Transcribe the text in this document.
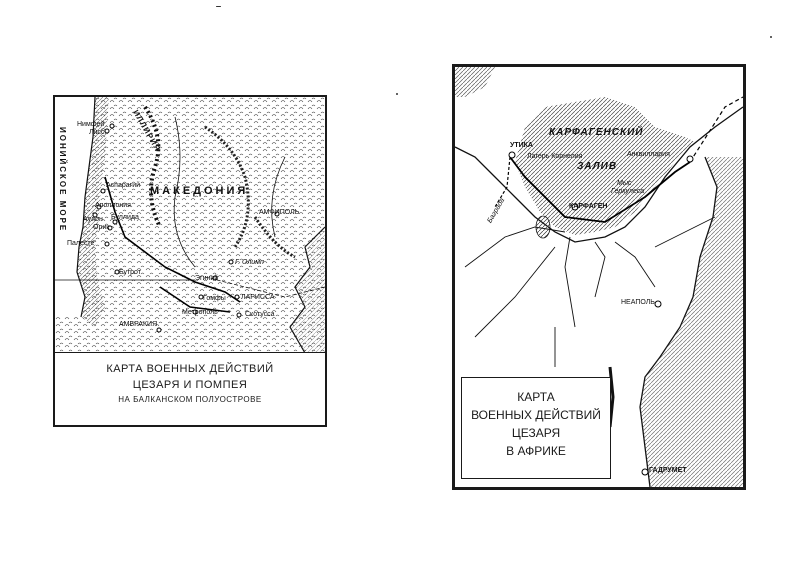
Нимфей
Лисс	ИЛЛИРИЯ
Аспарагий МАКЕДОНИЯ
Аполлония
Буллида
Аулон
Орик
Палесте
Бутрот
АМБРАКИЯ
АМФИПОЛЬ
Г. Олимп
Эгиний
Гомфы ЛАРИССА
Метрополь	Скотусса
ИОНИЙСКОЕ МОРЕ
КАРТА ВОЕННЫХ ДЕЙСТВИЙ
ЦЕЗАРЯ И ПОМПЕЯ
НА БАЛКАНСКОМ ПОЛУОСТРОВЕ
КАРФАГЕНСКИЙ
ЗАЛИВ
УТИКА
Лагерь Корнелия	Анквиллария
Мыс
Геркулеса
КАРФАГЕН
НЕАПОЛЬ
ГАДРУМЕТ
Баграда
КАРТА
ВОЕННЫХ ДЕЙСТВИЙ
ЦЕЗАРЯ
В АФРИКЕ
